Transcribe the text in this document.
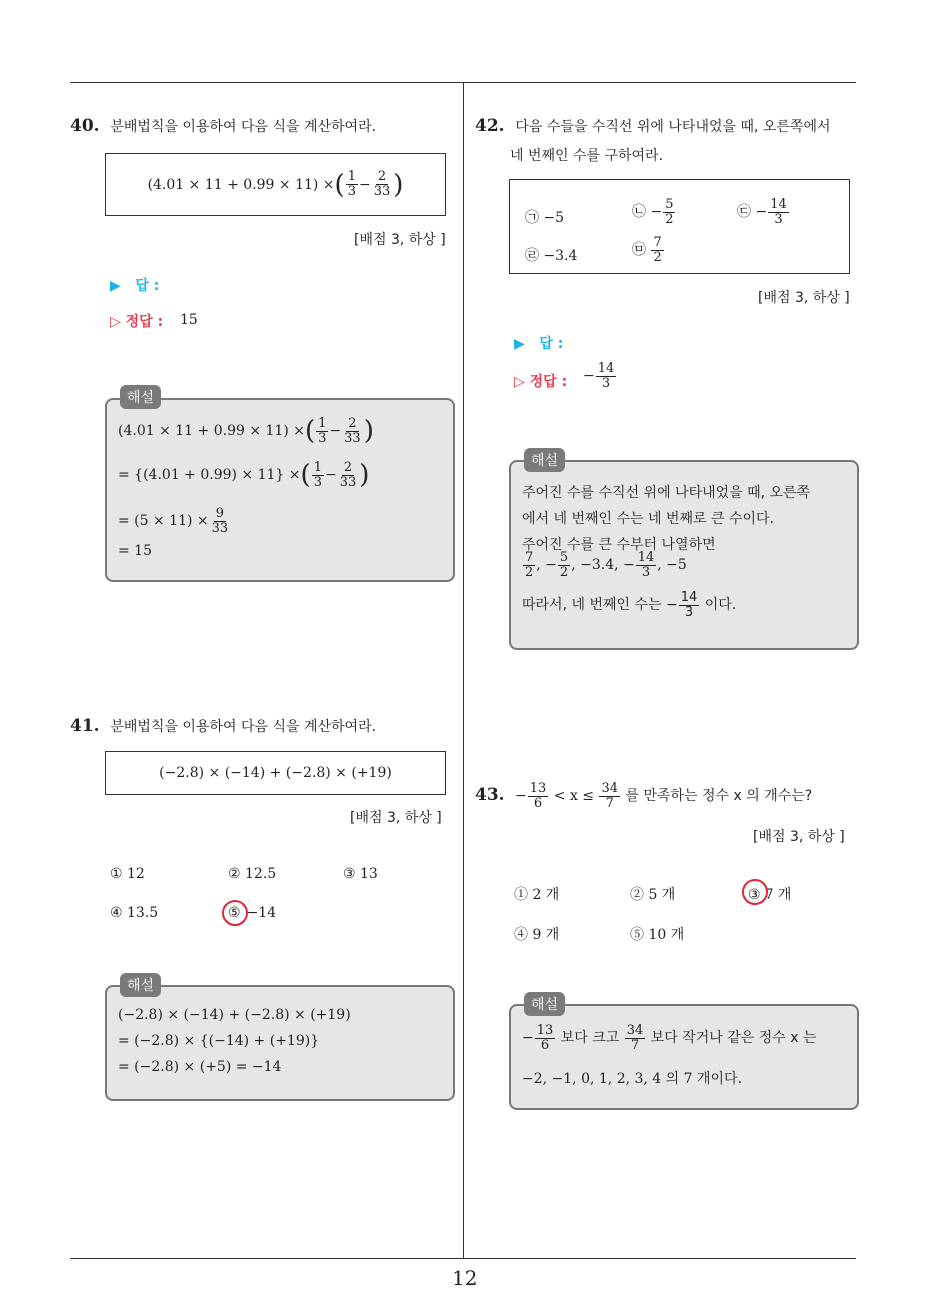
12
40. 분배법칙을 이용하여 다음 식을 계산하여라.
(4.01 × 11 + 0.99 × 11) × ( $\frac{1}{3} - \frac{2}{33}$ )
[배점 3, 하상 ]
▶ 답 :
▷ 정답 : 15
해설
(4.01 × 11 + 0.99 × 11) ×( $\frac{1}{3} - \frac{2}{33}$ )
= {(4.01 + 0.99) × 11} ×( $\frac{1}{3} - \frac{2}{33}$ )
= $(5 \times 11) \times \frac{9}{33}$
= 15
41. 분배법칙을 이용하여 다음 식을 계산하여라.
(−2.8) × (−14) + (−2.8) × (+19)
[배점 3, 하상 ]
① 12	② 12.5	③ 13
④ 13.5	⑤ −14
해설
(−2.8) × (−14) + (−2.8) × (+19)
= (−2.8) × {(−14) + (+19)}
= (−2.8) × (+5) = −14
42. 다음 수들을 수직선 위에 나타내었을 때, 오른쪽에서
네 번째인 수를 구하여라.
㉠ −5	㉡ − $\frac{5}{2}$	㉢ − $\frac{14}{3}$
㉣ −3.4	㉤ $\frac{7}{2}$
[배점 3, 하상 ]
▶ 답 :
▷ 정답 : − $\frac{14}{3}$
해설
주어진 수를 수직선 위에 나타내었을 때, 오른쪽
에서 네 번째인 수는 네 번째로 큰 수이다.
주어진 수를 큰 수부터 나열하면
$\frac{7}{2}$ , − $\frac{5}{2}$ , −3.4, − $\frac{14}{3}$ , −5
따라서, 네 번째인 수는 − $\frac{14}{3}$ 이다.
43. − $\frac{13}{6} < x \le \frac{34}{7}$ 를 만족하는 정수 x 의 개수는?
[배점 3, 하상 ]
① 2 개	② 5 개	③ 7 개
④ 9 개	⑤ 10 개
해설
− $\frac{13}{6}$ 보다 크고 $\frac{34}{7}$ 보다 작거나 같은 정수 x 는
−2, −1, 0, 1, 2, 3, 4 의 7 개이다.
